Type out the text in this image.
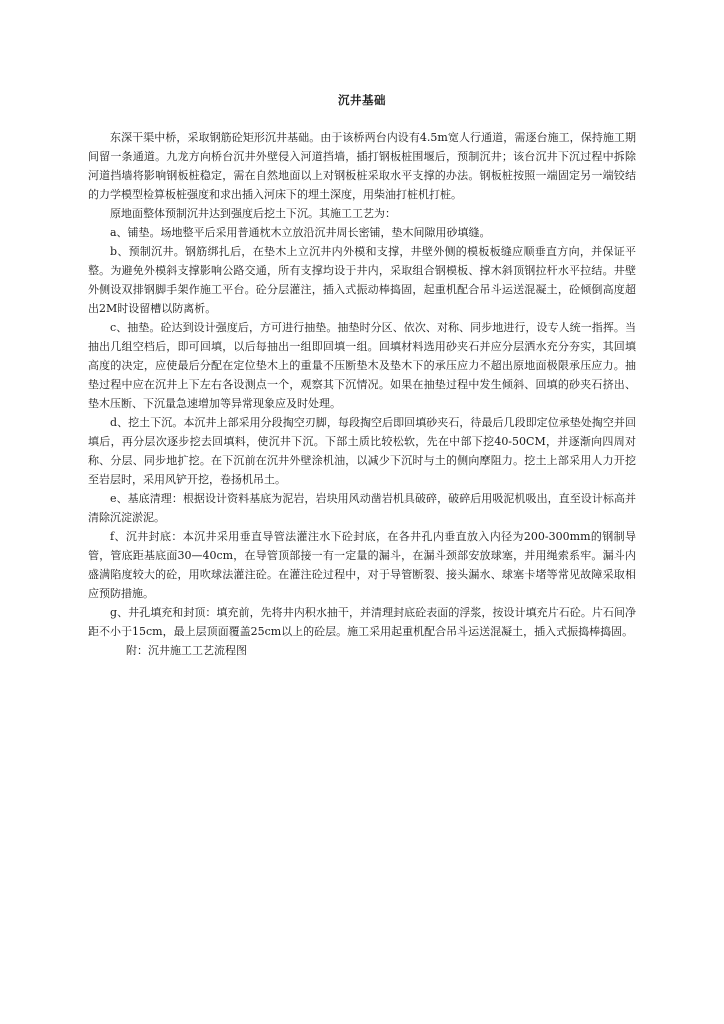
沉井基础

东深干渠中桥，采取钢筋砼矩形沉井基础。由于该桥两台内设有4.5m宽人行通道，需逐台施工，保持施工期间留一条通道。九龙方向桥台沉井外壁侵入河道挡墙，插打钢板桩围堰后，预制沉井；该台沉井下沉过程中拆除河道挡墙将影响钢板桩稳定，需在自然地面以上对钢板桩采取水平支撑的办法。钢板桩按照一端固定另一端铰结的力学模型检算板桩强度和求出插入河床下的埋土深度，用柴油打桩机打桩。

原地面整体预制沉井达到强度后挖土下沉。其施工工艺为：

a、铺垫。场地整平后采用普通枕木立放沿沉井周长密铺，垫木间隙用砂填缝。

b、预制沉井。钢筋绑扎后，在垫木上立沉井内外模和支撑，井壁外侧的模板板缝应顺垂直方向，并保证平整。为避免外模斜支撑影响公路交通，所有支撑均设于井内，采取组合钢模板、撑木斜顶钢拉杆水平拉结。井壁外侧设双排钢脚手架作施工平台。砼分层灌注，插入式振动棒捣固，起重机配合吊斗运送混凝土，砼倾倒高度超出2M时设留槽以防离析。

c、抽垫。砼达到设计强度后，方可进行抽垫。抽垫时分区、依次、对称、同步地进行，设专人统一指挥。当抽出几组空档后，即可回填，以后每抽出一组即回填一组。回填材料选用砂夹石并应分层洒水充分夯实，其回填高度的决定，应使最后分配在定位垫木上的重量不压断垫木及垫木下的承压应力不超出原地面极限承压应力。抽垫过程中应在沉井上下左右各设测点一个，观察其下沉情况。如果在抽垫过程中发生倾斜、回填的砂夹石挤出、垫木压断、下沉量急速增加等异常现象应及时处理。

d、挖土下沉。本沉井上部采用分段掏空刃脚，每段掏空后即回填砂夹石，待最后几段即定位承垫处掏空并回填后，再分层次逐步挖去回填料，使沉井下沉。下部土质比较松软，先在中部下挖40-50CM，并逐渐向四周对称、分层、同步地扩挖。在下沉前在沉井外壁涂机油，以减少下沉时与土的侧向摩阻力。挖土上部采用人力开挖至岩层时，采用风铲开挖，卷扬机吊土。

e、基底清理：根据设计资料基底为泥岩，岩块用风动凿岩机具破碎，破碎后用吸泥机吸出，直至设计标高并清除沉淀淤泥。

f、沉井封底：本沉井采用垂直导管法灌注水下砼封底，在各井孔内垂直放入内径为200-300mm的钢制导管，管底距基底面30—40cm，在导管顶部接一有一定量的漏斗，在漏斗颈部安放球塞，并用绳索系牢。漏斗内盛满陷度较大的砼，用吹球法灌注砼。在灌注砼过程中，对于导管断裂、接头漏水、球塞卡堵等常见故障采取相应预防措施。

g、井孔填充和封顶：填充前，先将井内积水抽干，并清理封底砼表面的浮浆，按设计填充片石砼。片石间净距不小于15cm，最上层顶面覆盖25cm以上的砼层。施工采用起重机配合吊斗运送混凝土，插入式振捣棒捣固。

附：沉井施工工艺流程图
